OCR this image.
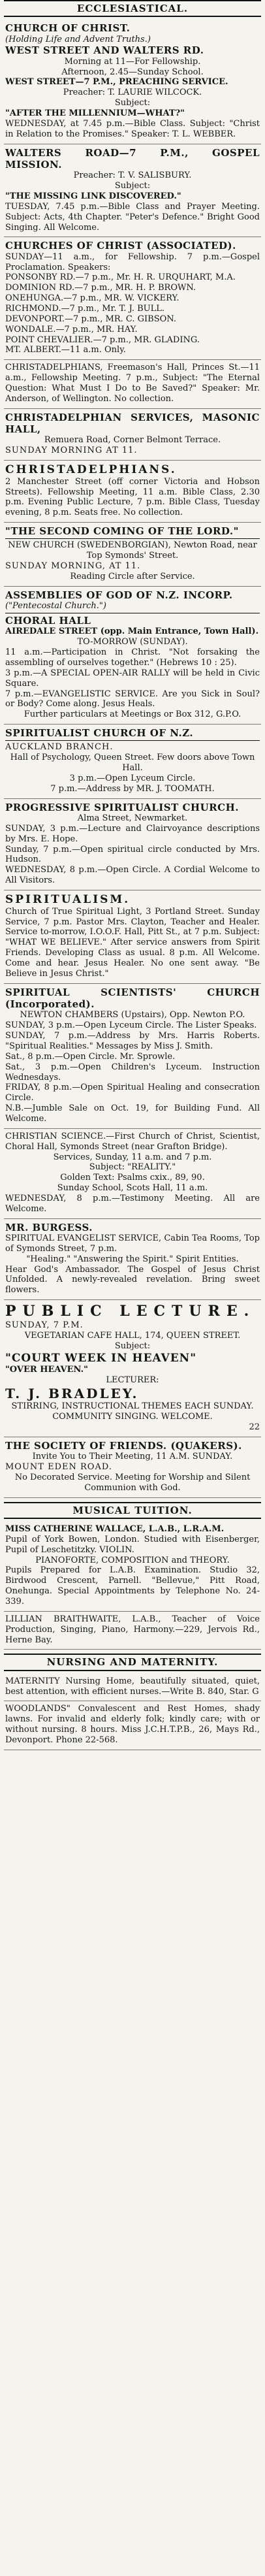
ECCLESIASTICAL.

CHURCH OF CHRIST.

(Holding Life and Advent Truths.)

WEST STREET AND WALTERS RD.

Morning at 11—For Fellowship.

Afternoon, 2.45—Sunday School.

WEST STREET—7 P.M., PREACHING SERVICE.

Preacher: T. LAURIE WILCOCK.

Subject:

"AFTER THE MILLENNIUM—WHAT?"

WEDNESDAY, at 7.45 p.m.—Bible Class. Subject: "Christ in Relation to the Promises." Speaker: T. L. WEBBER.

WALTERS ROAD—7 P.M., GOSPEL MISSION.

Preacher: T. V. SALISBURY.

Subject:

"THE MISSING LINK DISCOVERED."

TUESDAY, 7.45 p.m.—Bible Class and Prayer Meeting. Subject: Acts, 4th Chapter. "Peter's Defence." Bright Good Singing. All Welcome.

CHURCHES OF CHRIST (ASSOCIATED).

SUNDAY—11 a.m., for Fellowship. 7 p.m.—Gospel Proclamation. Speakers:

PONSONBY RD.—7 p.m., Mr. H. R. URQUHART, M.A.

DOMINION RD.—7 p.m., MR. H. P. BROWN.

ONEHUNGA.—7 p.m., MR. W. VICKERY.

RICHMOND.—7 p.m., Mr. T. J. BULL.

DEVONPORT.—7 p.m., MR. C. GIBSON.

WONDALE.—7 p.m., MR. HAY.

POINT CHEVALIER.—7 p.m., MR. GLADING.

MT. ALBERT.—11 a.m. Only.

CHRISTADELPHIANS, Freemason's Hall, Princes St.—11 a.m., Fellowship Meeting. 7 p.m., Subject: "The Eternal Question: What Must I Do to Be Saved?" Speaker: Mr. Anderson, of Wellington. No collection.

CHRISTADELPHIAN SERVICES, MASONIC HALL,

Remuera Road, Corner Belmont Terrace.

SUNDAY MORNING AT 11.

CHRISTADELPHIANS.

2 Manchester Street (off corner Victoria and Hobson Streets). Fellowship Meeting, 11 a.m. Bible Class, 2.30 p.m. Evening Public Lecture, 7 p.m. Bible Class, Tuesday evening, 8 p.m. Seats free. No collection.

"THE SECOND COMING OF THE LORD."

NEW CHURCH (SWEDENBORGIAN), Newton Road, near Top Symonds' Street.

SUNDAY MORNING, AT 11.

Reading Circle after Service.

ASSEMBLIES OF GOD OF N.Z. INCORP.

("Pentecostal Church.")

CHORAL HALL

AIREDALE STREET (opp. Main Entrance, Town Hall).

TO-MORROW (SUNDAY).

11 a.m.—Participation in Christ. "Not forsaking the assembling of ourselves together." (Hebrews 10 : 25).

3 p.m.—A SPECIAL OPEN-AIR RALLY will be held in Civic Square.

7 p.m.—EVANGELISTIC SERVICE. Are you Sick in Soul? or Body? Come along. Jesus Heals.

Further particulars at Meetings or Box 312, G.P.O.

SPIRITUALIST CHURCH OF N.Z.

AUCKLAND BRANCH.

Hall of Psychology, Queen Street. Few doors above Town Hall.

3 p.m.—Open Lyceum Circle.

7 p.m.—Address by MR. J. TOOMATH.

PROGRESSIVE SPIRITUALIST CHURCH.

Alma Street, Newmarket.

SUNDAY, 3 p.m.—Lecture and Clairvoyance descriptions by Mrs. E. Hope.

Sunday, 7 p.m.—Open spiritual circle conducted by Mrs. Hudson.

WEDNESDAY, 8 p.m.—Open Circle. A Cordial Welcome to All Visitors.

SPIRITUALISM.

Church of True Spiritual Light, 3 Portland Street. Sunday Service, 7 p.m. Pastor Mrs. Clayton, Teacher and Healer. Service to-morrow, I.O.O.F. Hall, Pitt St., at 7 p.m. Subject: "WHAT WE BELIEVE." After service answers from Spirit Friends. Developing Class as usual. 8 p.m. All Welcome. Come and hear. Jesus Healer. No one sent away. "Be Believe in Jesus Christ."

SPIRITUAL SCIENTISTS' CHURCH (Incorporated).

NEWTON CHAMBERS (Upstairs), Opp. Newton P.O.

SUNDAY, 3 p.m.—Open Lyceum Circle. The Lister Speaks.

SUNDAY, 7 p.m.—Address by Mrs. Harris Roberts. "Spiritual Realities." Messages by Miss J. Smith.

Sat., 8 p.m.—Open Circle. Mr. Sprowle.

Sat., 3 p.m.—Open Children's Lyceum. Instruction Wednesdays.

FRIDAY, 8 p.m.—Open Spiritual Healing and consecration Circle.

N.B.—Jumble Sale on Oct. 19, for Building Fund. All Welcome.

CHRISTIAN SCIENCE.—First Church of Christ, Scientist, Choral Hall, Symonds Street (near Grafton Bridge).

Services, Sunday, 11 a.m. and 7 p.m.

Subject: "REALITY."

Golden Text: Psalms cxix., 89, 90.

Sunday School, Scots Hall, 11 a.m.

WEDNESDAY, 8 p.m.—Testimony Meeting. All are Welcome.

MR. BURGESS.

SPIRITUAL EVANGELIST SERVICE, Cabin Tea Rooms, Top of Symonds Street, 7 p.m.

"Healing." "Answering the Spirit." Spirit Entities.

Hear God's Ambassador. The Gospel of Jesus Christ Unfolded. A newly-revealed revelation. Bring sweet flowers.

PUBLIC LECTURE.

SUNDAY, 7 P.M.

VEGETARIAN CAFE HALL, 174, QUEEN STREET.

Subject:

"COURT WEEK IN HEAVEN"

"OVER HEAVEN."

LECTURER:

T. J. BRADLEY.

STIRRING, INSTRUCTIONAL THEMES EACH SUNDAY.

COMMUNITY SINGING. WELCOME.

22

THE SOCIETY OF FRIENDS. (QUAKERS).

Invite You to Their Meeting, 11 A.M. SUNDAY.

MOUNT EDEN ROAD.

No Decorated Service. Meeting for Worship and Silent Communion with God.

MUSICAL TUITION.

MISS CATHERINE WALLACE, L.A.B., L.R.A.M.

Pupil of York Bowen, London. Studied with Eisenberger, Pupil of Leschetitzky. VIOLIN.

PIANOFORTE, COMPOSITION and THEORY.

Pupils Prepared for L.A.B. Examination. Studio 32, Birdwood Crescent, Parnell. "Bellevue," Pitt Road, Onehunga. Special Appointments by Telephone No. 24-339.

LILLIAN BRAITHWAITE, L.A.B., Teacher of Voice Production, Singing, Piano, Harmony.—229, Jervois Rd., Herne Bay.

NURSING AND MATERNITY.

MATERNITY Nursing Home, beautifully situated, quiet, best attention, with efficient nurses.—Write B. 840, Star. G

WOODLANDS" Convalescent and Rest Homes, shady lawns. For invalid and elderly folk; kindly care; with or without nursing. 8 hours. Miss J.C.H.T.P.B., 26, Mays Rd., Devonport. Phone 22-568.
